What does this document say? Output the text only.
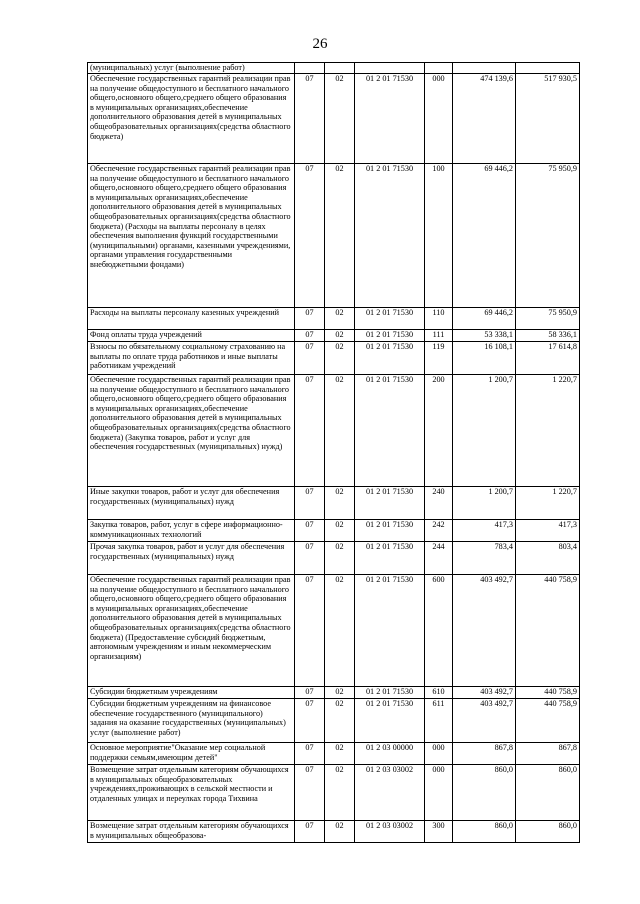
26
(муниципальных) услуг (выполнение работ)						
Обеспечение государственных гарантий реализации прав на получение общедоступного и бесплатного начального общего,основного общего,среднего общего образования в муниципальных организациях,обеспечение дополнительного образования детей в муниципальных общеобразовательных организациях(средства областного бюджета)	07	02	01 2 01 71530	000	474 139,6	517 930,5
Обеспечение государственных гарантий реализации прав на получение общедоступного и бесплатного начального общего,основного общего,среднего общего образования в муниципальных организациях,обеспечение дополнительного образования детей в муниципальных общеобразовательных организациях(средства областного бюджета) (Расходы на выплаты персоналу в целях обеспечения выполнения функций государственными (муниципальными) органами, казенными учреждениями, органами управления государственными внебюджетными фондами)	07	02	01 2 01 71530	100	69 446,2	75 950,9
Расходы на выплаты персоналу казенных учреждений	07	02	01 2 01 71530	110	69 446,2	75 950,9
Фонд оплаты труда учреждений	07	02	01 2 01 71530	111	53 338,1	58 336,1
Взносы по обязательному социальному страхованию на выплаты по оплате труда работников и иные выплаты работникам учреждений	07	02	01 2 01 71530	119	16 108,1	17 614,8
Обеспечение государственных гарантий реализации прав на получение общедоступного и бесплатного начального общего,основного общего,среднего общего образования в муниципальных организациях,обеспечение дополнительного образования детей в муниципальных общеобразовательных организациях(средства областного бюджета) (Закупка товаров, работ и услуг для обеспечения государственных (муниципальных) нужд)	07	02	01 2 01 71530	200	1 200,7	1 220,7
Иные закупки товаров, работ и услуг для обеспечения государственных (муниципальных) нужд	07	02	01 2 01 71530	240	1 200,7	1 220,7
Закупка товаров, работ, услуг в сфере информационно-коммуникационных технологий	07	02	01 2 01 71530	242	417,3	417,3
Прочая закупка товаров, работ и услуг для обеспечения государственных (муниципальных) нужд	07	02	01 2 01 71530	244	783,4	803,4
Обеспечение государственных гарантий реализации прав на получение общедоступного и бесплатного начального общего,основного общего,среднего общего образования в муниципальных организациях,обеспечение дополнительного образования детей в муниципальных общеобразовательных организациях(средства областного бюджета) (Предоставление субсидий бюджетным, автономным учреждениям и иным некоммерческим организациям)	07	02	01 2 01 71530	600	403 492,7	440 758,9
Субсидии бюджетным учреждениям	07	02	01 2 01 71530	610	403 492,7	440 758,9
Субсидии бюджетным учреждениям на финансовое обеспечение государственного (муниципального) задания на оказание государственных (муниципальных) услуг (выполнение работ)	07	02	01 2 01 71530	611	403 492,7	440 758,9
Основное мероприятие"Оказание мер социальной поддержки семьям,имеющим детей"	07	02	01 2 03 00000	000	867,8	867,8
Возмещение затрат отдельным категориям обучающихся в муниципальных общеобразовательных учреждениях,проживающих в сельской местности и отдаленных улицах и переулках города Тихвина	07	02	01 2 03 03002	000	860,0	860,0
Возмещение затрат отдельным категориям обучающихся в муниципальных общеобразова-	07	02	01 2 03 03002	300	860,0	860,0
